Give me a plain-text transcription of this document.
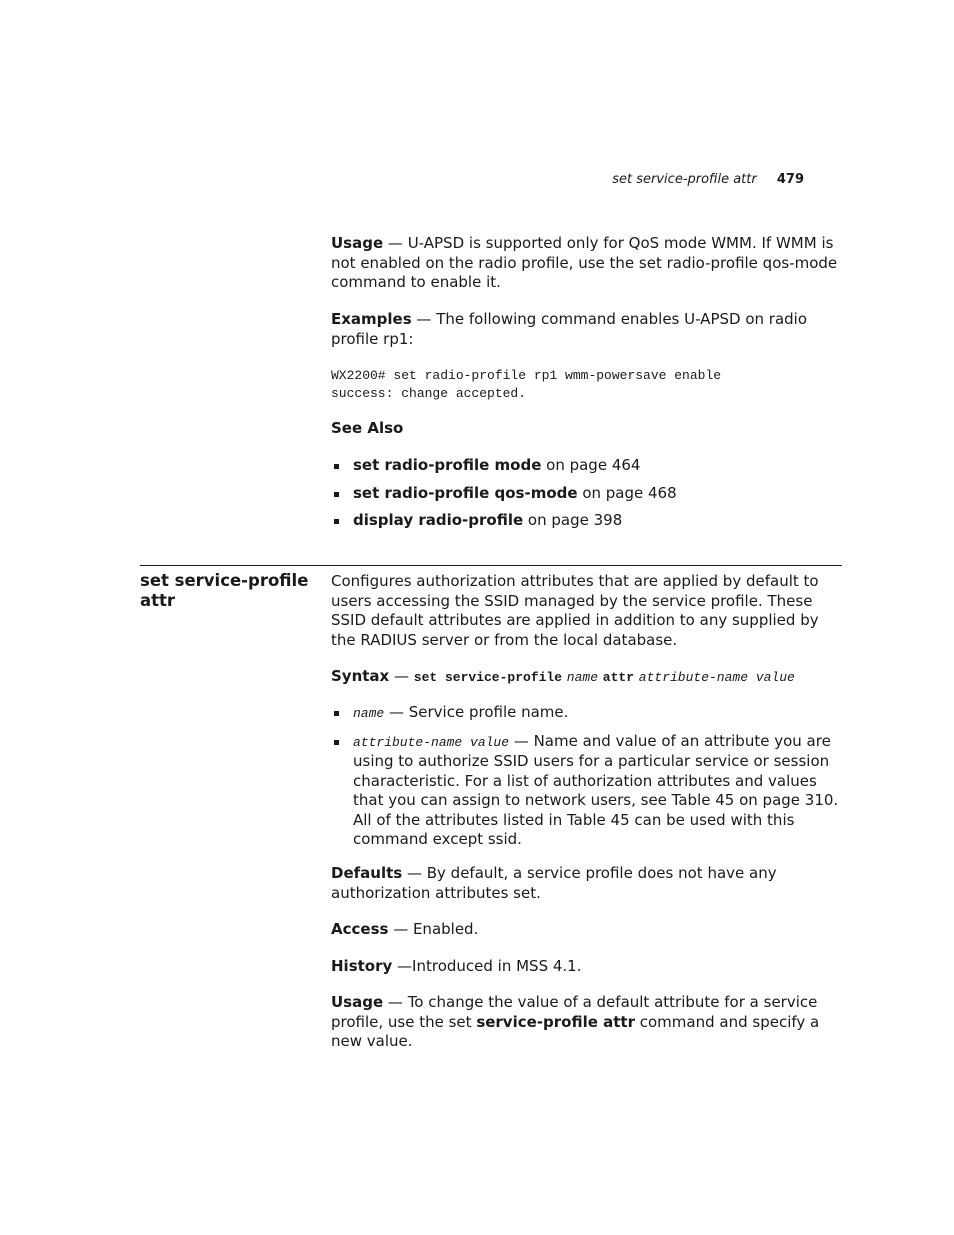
set service-profile attr 479

Usage — U-APSD is supported only for QoS mode WMM. If WMM is not enabled on the radio profile, use the set radio-profile qos-mode command to enable it.

Examples — The following command enables U-APSD on radio profile rp1:

WX2200# set radio-profile rp1 wmm-powersave enable
success: change accepted.
See Also
set radio-profile mode on page 464
set radio-profile qos-mode on page 468
display radio-profile on page 398
set service-profile
attr

Configures authorization attributes that are applied by default to users accessing the SSID managed by the service profile. These SSID default attributes are applied in addition to any supplied by the RADIUS server or from the local database.

Syntax — set service-profile name attr attribute-name value

name — Service profile name.
attribute-name value — Name and value of an attribute you are using to authorize SSID users for a particular service or session characteristic. For a list of authorization attributes and values that you can assign to network users, see Table 45 on page 310. All of the attributes listed in Table 45 can be used with this command except ssid.

Defaults — By default, a service profile does not have any authorization attributes set.

Access — Enabled.

History —Introduced in MSS 4.1.

Usage — To change the value of a default attribute for a service profile, use the set service-profile attr command and specify a new value.
